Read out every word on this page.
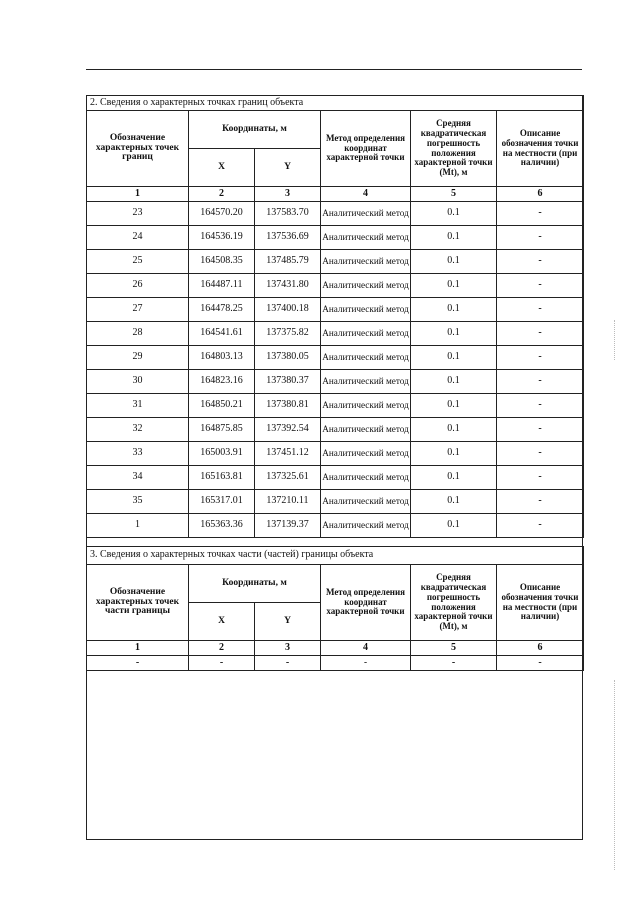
2. Сведения о характерных точках границ объекта					
Обозначение характерных точек границ	Координаты, м		Метод определения координат характерной точки	Средняя квадратическая погрешность положения характерной точки (Mt), м	Описание обозначения точки на местности (при наличии)
	X	Y			
1	2	3	4	5	6
23	164570.20	137583.70	Аналитический метод	0.1	-
24	164536.19	137536.69	Аналитический метод	0.1	-
25	164508.35	137485.79	Аналитический метод	0.1	-
26	164487.11	137431.80	Аналитический метод	0.1	-
27	164478.25	137400.18	Аналитический метод	0.1	-
28	164541.61	137375.82	Аналитический метод	0.1	-
29	164803.13	137380.05	Аналитический метод	0.1	-
30	164823.16	137380.37	Аналитический метод	0.1	-
31	164850.21	137380.81	Аналитический метод	0.1	-
32	164875.85	137392.54	Аналитический метод	0.1	-
33	165003.91	137451.12	Аналитический метод	0.1	-
34	165163.81	137325.61	Аналитический метод	0.1	-
35	165317.01	137210.11	Аналитический метод	0.1	-
1	165363.36	137139.37	Аналитический метод	0.1	-
3. Сведения о характерных точках части (частей) границы объекта					
Обозначение характерных точек части границы	Координаты, м		Метод определения координат характерной точки	Средняя квадратическая погрешность положения характерной точки (Mt), м	Описание обозначения точки на местности (при наличии)
	X	Y			
1	2	3	4	5	6
-	-	-	-	-	-
